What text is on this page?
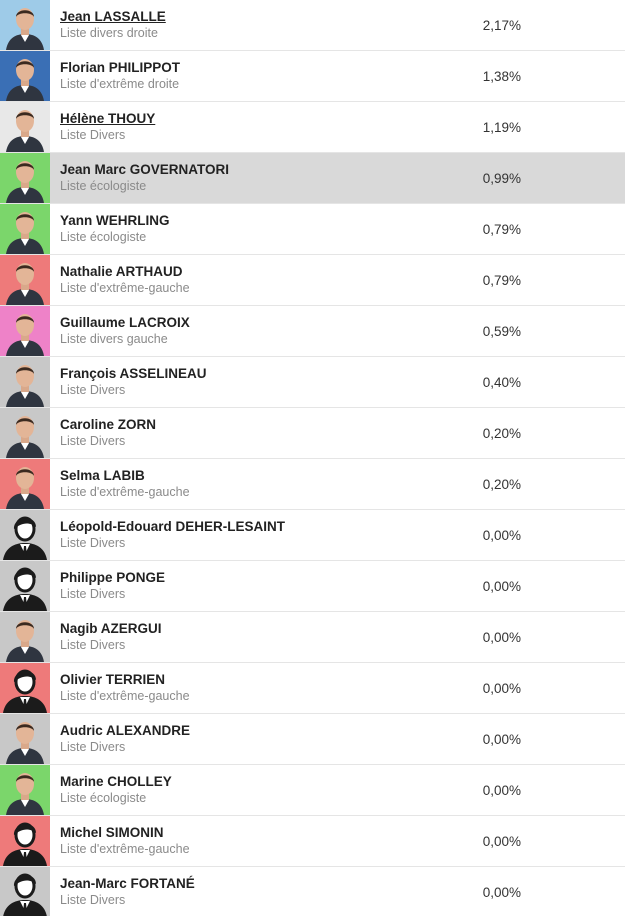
Jean LASSALLE
Liste divers droite
2,17%
Florian PHILIPPOT
Liste d'extrême droite
1,38%
Hélène THOUY
Liste Divers
1,19%
Jean Marc GOVERNATORI
Liste écologiste
0,99%
Yann WEHRLING
Liste écologiste
0,79%
Nathalie ARTHAUD
Liste d'extrême-gauche
0,79%
Guillaume LACROIX
Liste divers gauche
0,59%
François ASSELINEAU
Liste Divers
0,40%
Caroline ZORN
Liste Divers
0,20%
Selma LABIB
Liste d'extrême-gauche
0,20%
Léopold-Edouard DEHER-LESAINT
Liste Divers
0,00%
Philippe PONGE
Liste Divers
0,00%
Nagib AZERGUI
Liste Divers
0,00%
Olivier TERRIEN
Liste d'extrême-gauche
0,00%
Audric ALEXANDRE
Liste Divers
0,00%
Marine CHOLLEY
Liste écologiste
0,00%
Michel SIMONIN
Liste d'extrême-gauche
0,00%
Jean-Marc FORTANÉ
Liste Divers
0,00%
